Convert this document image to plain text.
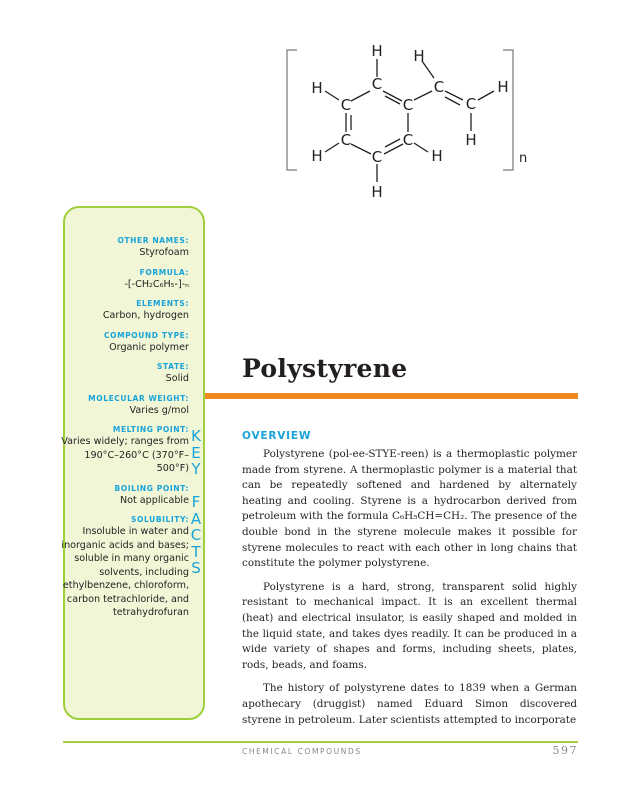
H
C
H
C	C
H
C	H
C
H
C	C
H	H
C
H
n
OTHER NAMES:
Styrofoam
FORMULA:
-[-CH₂C₆H₅-]-ₙ
ELEMENTS:
Carbon, hydrogen
COMPOUND TYPE:
Organic polymer
STATE:
Solid
MOLECULAR WEIGHT:
Varies g/mol
MELTING POINT:
Varies widely; ranges from 190°C–260°C (370°F–500°F)
BOILING POINT:
Not applicable
SOLUBILITY:
Insoluble in water and inorganic acids and bases; soluble in many organic solvents, including ethylbenzene, chloroform, carbon tetrachloride, and tetrahydrofuran
K
E
Y

F
A
C
T
S
Polystyrene
OVERVIEW

Polystyrene (pol-ee-STYE-reen) is a thermoplastic polymer made from styrene. A thermoplastic polymer is a material that can be repeatedly softened and hardened by alternately heating and cooling. Styrene is a hydrocarbon derived from petroleum with the formula C₆H₅CH=CH₂. The presence of the double bond in the styrene molecule makes it possible for styrene molecules to react with each other in long chains that constitute the polymer polystyrene.

Polystyrene is a hard, strong, transparent solid highly resistant to mechanical impact. It is an excellent thermal (heat) and electrical insulator, is easily shaped and molded in the liquid state, and takes dyes readily. It can be produced in a wide variety of shapes and forms, including sheets, plates, rods, beads, and foams.

The history of polystyrene dates to 1839 when a German apothecary (druggist) named Eduard Simon discovered styrene in petroleum. Later scientists attempted to incorporate

CHEMICAL COMPOUNDS	597
